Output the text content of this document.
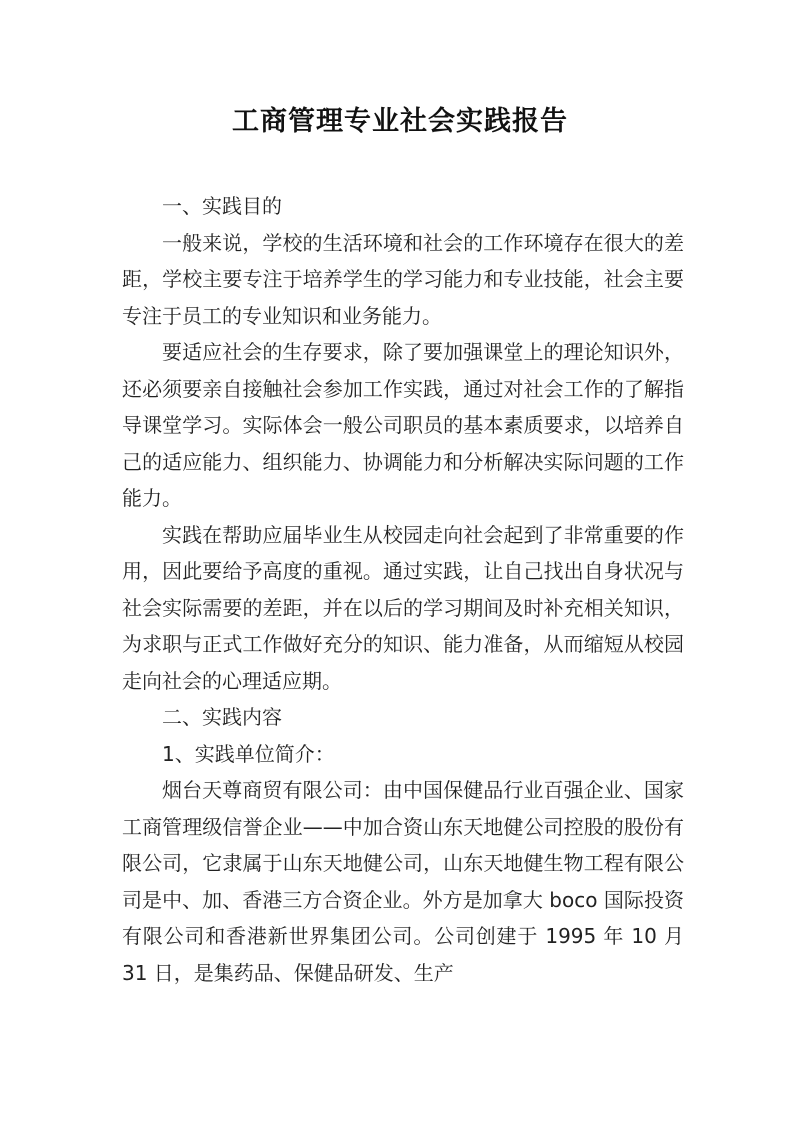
工商管理专业社会实践报告

一、实践目的

一般来说，学校的生活环境和社会的工作环境存在很大的差距，学校主要专注于培养学生的学习能力和专业技能，社会主要专注于员工的专业知识和业务能力。

要适应社会的生存要求，除了要加强课堂上的理论知识外，还必须要亲自接触社会参加工作实践，通过对社会工作的了解指导课堂学习。实际体会一般公司职员的基本素质要求，以培养自己的适应能力、组织能力、协调能力和分析解决实际问题的工作能力。

实践在帮助应届毕业生从校园走向社会起到了非常重要的作用，因此要给予高度的重视。通过实践，让自己找出自身状况与社会实际需要的差距，并在以后的学习期间及时补充相关知识，为求职与正式工作做好充分的知识、能力准备，从而缩短从校园走向社会的心理适应期。

二、实践内容

1、实践单位简介：

烟台天尊商贸有限公司：由中国保健品行业百强企业、国家工商管理级信誉企业——中加合资山东天地健公司控股的股份有限公司，它隶属于山东天地健公司，山东天地健生物工程有限公司是中、加、香港三方合资企业。外方是加拿大 boco 国际投资有限公司和香港新世界集团公司。公司创建于 1995 年 10 月 31 日，是集药品、保健品研发、生产
